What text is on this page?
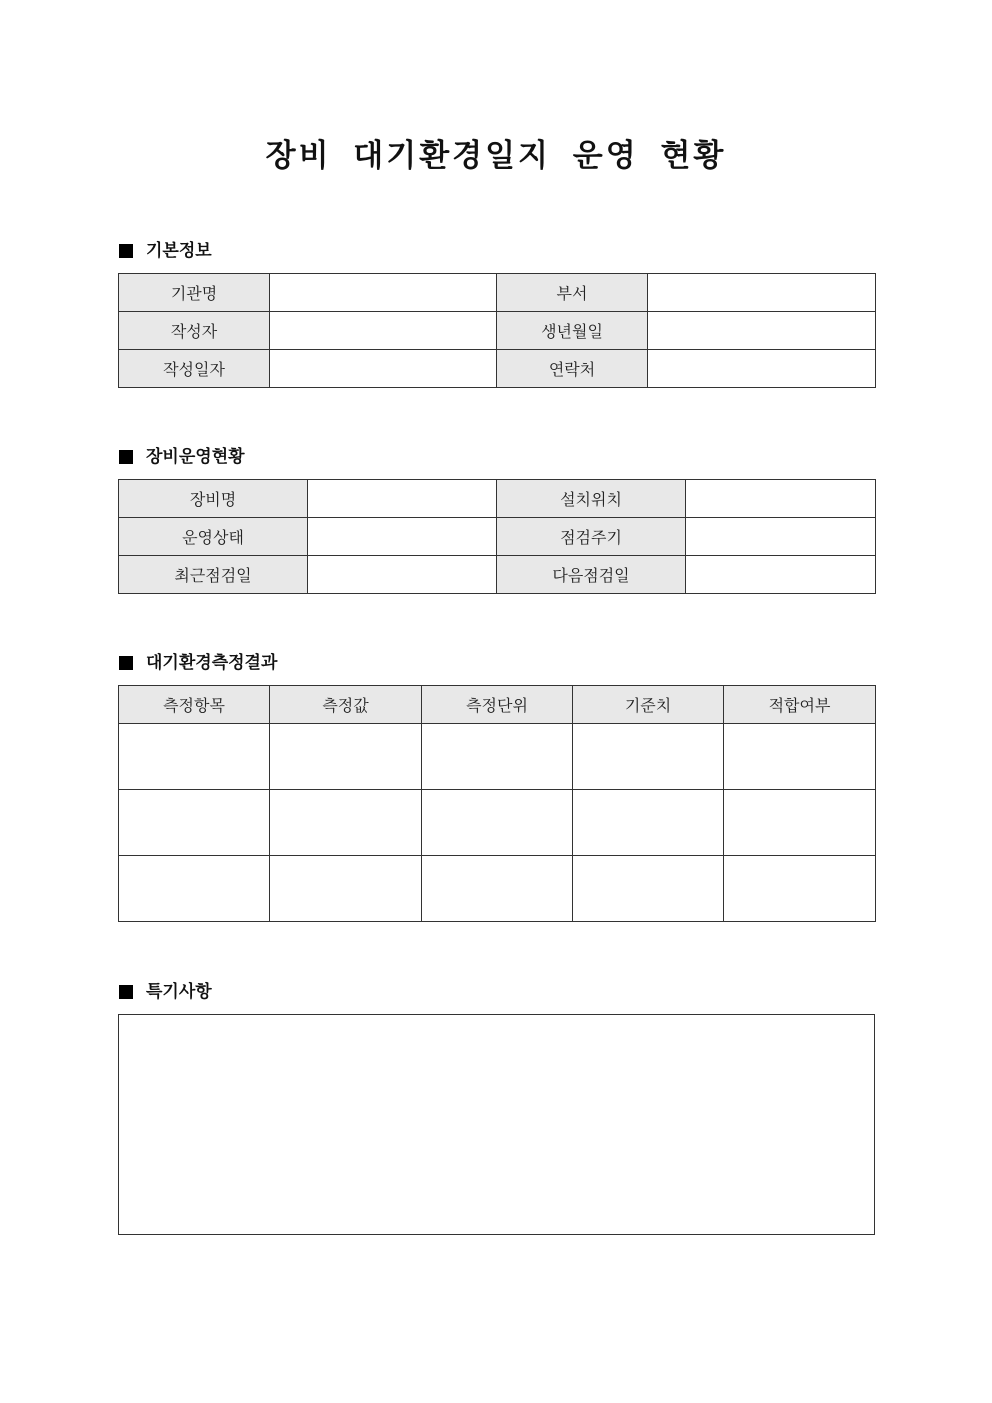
장비 대기환경일지 운영 현황
기본정보
기관명		부서	
작성자		생년월일	
작성일자		연락처	
장비운영현황
장비명		설치위치	
운영상태		점검주기	
최근점검일		다음점검일	
대기환경측정결과
측정항목	측정값	측정단위	기준치	적합여부

특기사항
